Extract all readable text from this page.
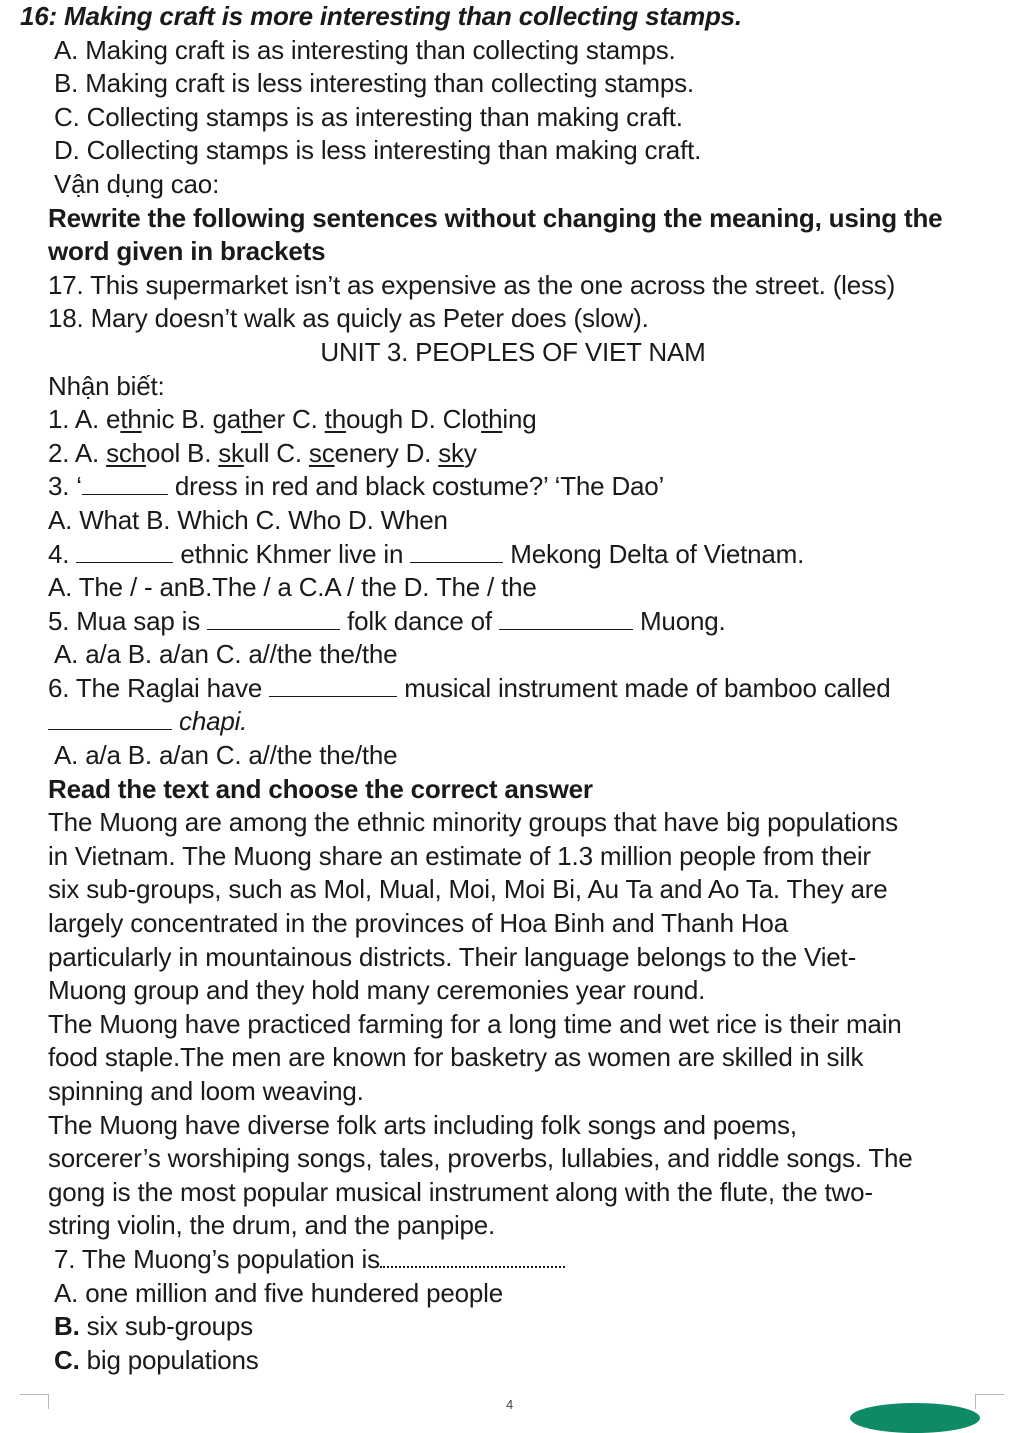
16: Making craft is more interesting than collecting stamps.
A. Making craft is as interesting than collecting stamps.
B. Making craft is less interesting than collecting stamps.
C. Collecting stamps is as interesting than making craft.
D. Collecting stamps is less interesting than making craft.
Vận dụng cao:
Rewrite the following sentences without changing the meaning, using the
word given in brackets
17. This supermarket isn’t as expensive as the one across the street. (less)
18. Mary doesn’t walk as quicly as Peter does (slow).
UNIT 3. PEOPLES OF VIET NAM
Nhận biết:
1. A. ethnic B. gather C. though D. Clothing
2. A. school B. skull C. scenery D. sky
3. ‘	dress in red and black costume?’ ‘The Dao’
A. What B. Which C. Who D. When
4.	ethnic Khmer live in	Mekong Delta of Vietnam.
A. The / - anB.The / a C.A / the D. The / the
5. Mua sap is	folk dance of	Muong.
A. a/a B. a/an C. a//the the/the
6. The Raglai have	musical instrument made of bamboo called
chapi.
A. a/a B. a/an C. a//the the/the
Read the text and choose the correct answer
The Muong are among the ethnic minority groups that have big populations
in Vietnam. The Muong share an estimate of 1.3 million people from their
six sub-groups, such as Mol, Mual, Moi, Moi Bi, Au Ta and Ao Ta. They are
largely concentrated in the provinces of Hoa Binh and Thanh Hoa
particularly in mountainous districts. Their language belongs to the Viet-
Muong group and they hold many ceremonies year round.
The Muong have practiced farming for a long time and wet rice is their main
food staple.The men are known for basketry as women are skilled in silk
spinning and loom weaving.
The Muong have diverse folk arts including folk songs and poems,
sorcerer’s worshiping songs, tales, proverbs, lullabies, and riddle songs. The
gong is the most popular musical instrument along with the flute, the two-
string violin, the drum, and the panpipe.
7. The Muong’s population is
A. one million and five hundered people
B. six sub-groups
C. big populations
4
